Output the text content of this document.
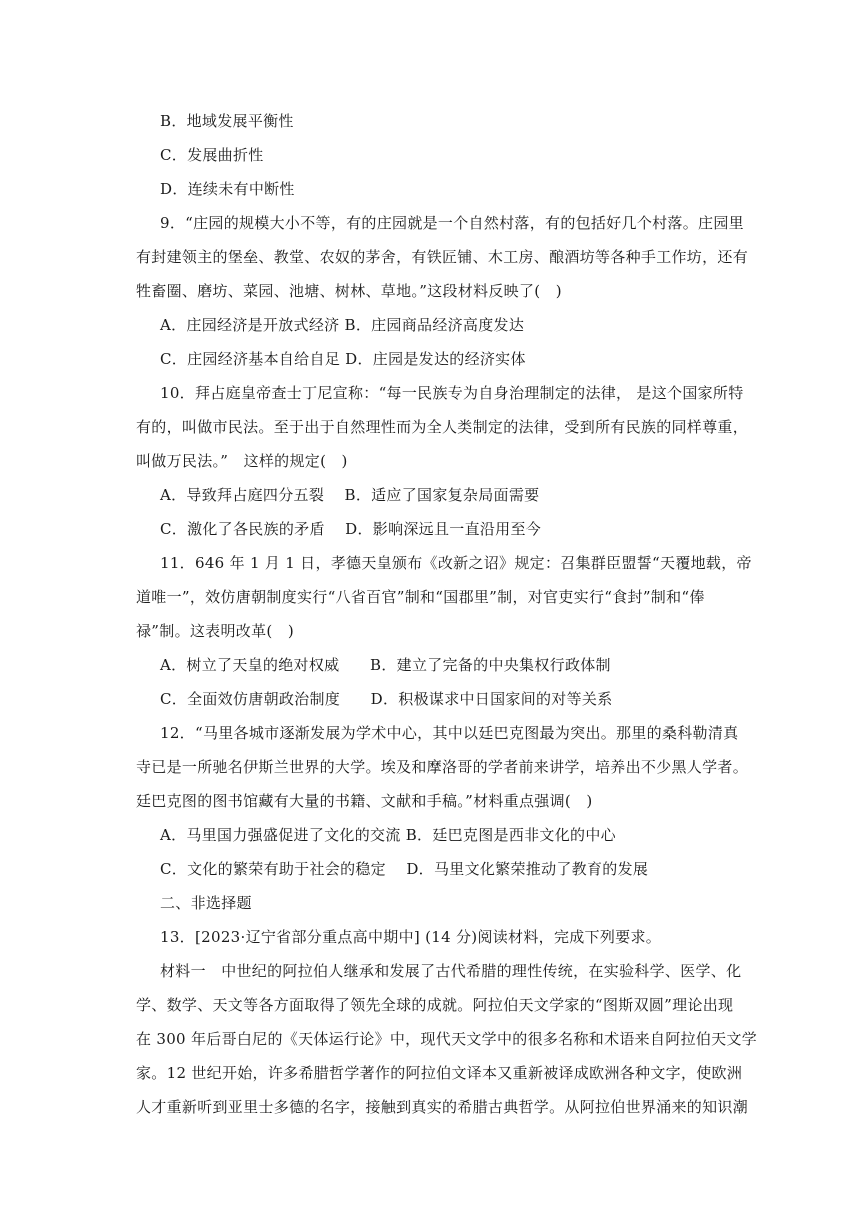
B．地域发展平衡性
C．发展曲折性
D．连续未有中断性
9．“庄园的规模大小不等，有的庄园就是一个自然村落，有的包括好几个村落。庄园里
有封建领主的堡垒、教堂、农奴的茅舍，有铁匠铺、木工房、酿酒坊等各种手工作坊，还有
牲畜圈、磨坊、菜园、池塘、树林、草地。”这段材料反映了(　)
A．庄园经济是开放式经济 B．庄园商品经济高度发达
C．庄园经济基本自给自足 D．庄园是发达的经济实体
10．拜占庭皇帝查士丁尼宣称：“每一民族专为自身治理制定的法律， 是这个国家所特
有的，叫做市民法。至于出于自然理性而为全人类制定的法律，受到所有民族的同样尊重，
叫做万民法。”　这样的规定(　)
A．导致拜占庭四分五裂　 B．适应了国家复杂局面需要
C．激化了各民族的矛盾　 D．影响深远且一直沿用至今
11．646 年 1 月 1 日，孝德天皇颁布《改新之诏》规定：召集群臣盟誓“天覆地载，帝
道唯一”，效仿唐朝制度实行“八省百官”制和“国郡里”制，对官吏实行“食封”制和“俸
禄”制。这表明改革(　)
A．树立了天皇的绝对权威　　B．建立了完备的中央集权行政体制
C．全面效仿唐朝政治制度　　D．积极谋求中日国家间的对等关系
12．“马里各城市逐渐发展为学术中心，其中以廷巴克图最为突出。那里的桑科勒清真
寺已是一所驰名伊斯兰世界的大学。埃及和摩洛哥的学者前来讲学，培养出不少黑人学者。
廷巴克图的图书馆藏有大量的书籍、文献和手稿。”材料重点强调(　)
A．马里国力强盛促进了文化的交流 B．廷巴克图是西非文化的中心
C．文化的繁荣有助于社会的稳定　 D．马里文化繁荣推动了教育的发展
二、非选择题
13．[2023·辽宁省部分重点高中期中] (14 分)阅读材料，完成下列要求。
材料一　中世纪的阿拉伯人继承和发展了古代希腊的理性传统，在实验科学、医学、化
学、数学、天文等各方面取得了领先全球的成就。阿拉伯天文学家的“图斯双圆”理论出现
在 300 年后哥白尼的《天体运行论》中，现代天文学中的很多名称和术语来自阿拉伯天文学
家。12 世纪开始，许多希腊哲学著作的阿拉伯文译本又重新被译成欧洲各种文字，使欧洲
人才重新听到亚里士多德的名字，接触到真实的希腊古典哲学。从阿拉伯世界涌来的知识潮
